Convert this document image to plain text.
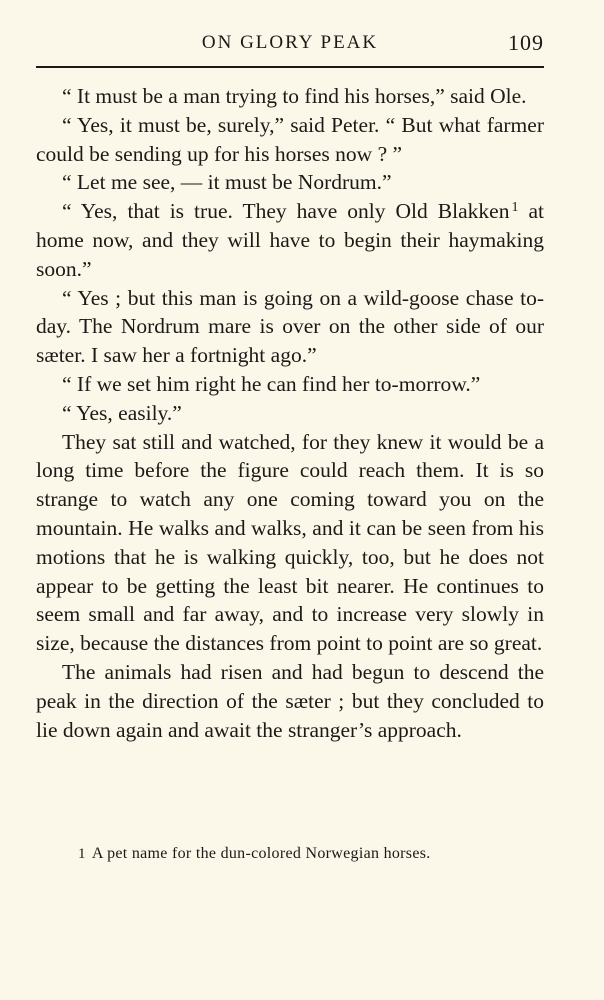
ON GLORY PEAK	109

“ It must be a man trying to find his horses,” said Ole.

“ Yes, it must be, surely,” said Peter. “ But what farmer could be sending up for his horses now ? ”

“ Let me see, — it must be Nordrum.”

“ Yes, that is true. They have only Old Blakken $^1$ at home now, and they will have to begin their haymaking soon.”

“ Yes ; but this man is going on a wild-goose chase to-day. The Nordrum mare is over on the other side of our sæter. I saw her a fortnight ago.”

“ If we set him right he can find her to-morrow.”

“ Yes, easily.”

They sat still and watched, for they knew it would be a long time before the figure could reach them. It is so strange to watch any one coming toward you on the mountain. He walks and walks, and it can be seen from his motions that he is walking quickly, too, but he does not appear to be getting the least bit nearer. He continues to seem small and far away, and to increase very slowly in size, because the distances from point to point are so great.

The animals had risen and had begun to descend the peak in the direction of the sæter ; but they concluded to lie down again and await the stranger’s approach.

1 A pet name for the dun-colored Norwegian horses.
